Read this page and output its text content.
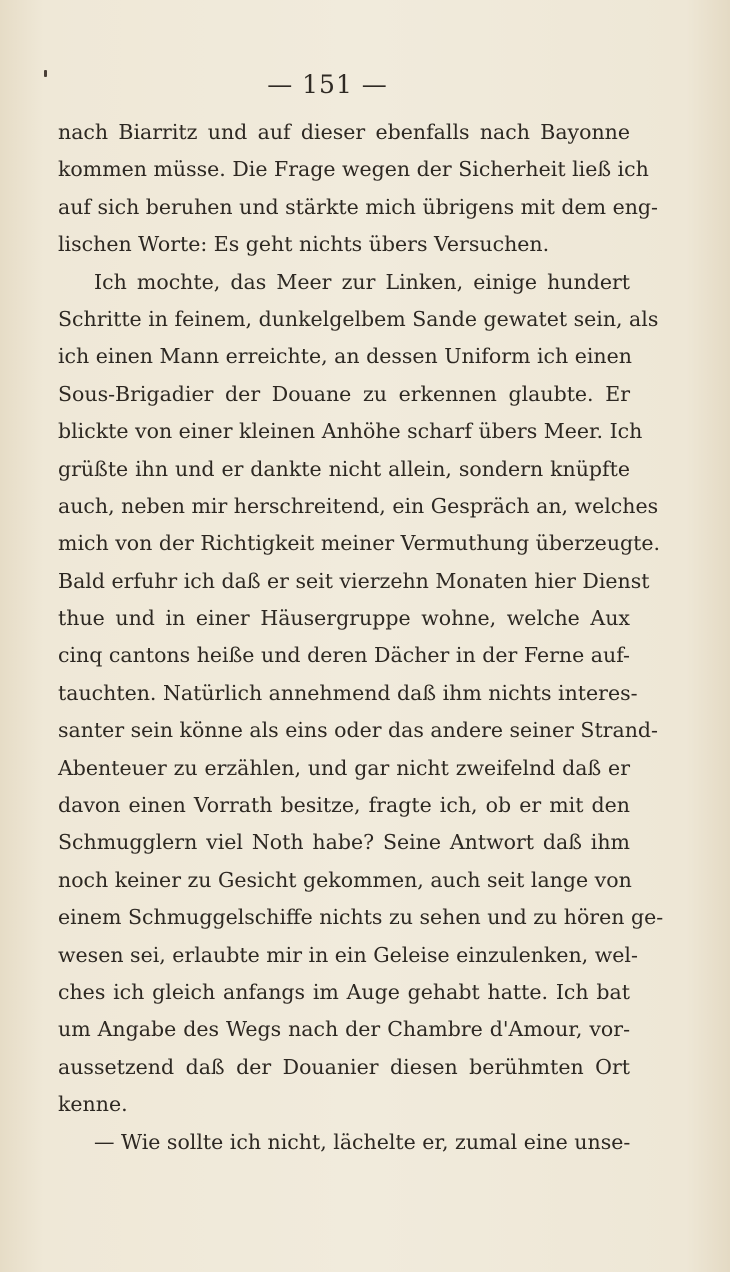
— 151 —
nach Biarritz und auf dieser ebenfalls nach Bayonne
kommen müsse. Die Frage wegen der Sicherheit ließ ich
auf sich beruhen und stärkte mich übrigens mit dem eng-
lischen Worte: Es geht nichts übers Versuchen.
Ich mochte, das Meer zur Linken, einige hundert
Schritte in feinem, dunkelgelbem Sande gewatet sein, als
ich einen Mann erreichte, an dessen Uniform ich einen
Sous-Brigadier der Douane zu erkennen glaubte. Er
blickte von einer kleinen Anhöhe scharf übers Meer. Ich
grüßte ihn und er dankte nicht allein, sondern knüpfte
auch, neben mir herschreitend, ein Gespräch an, welches
mich von der Richtigkeit meiner Vermuthung überzeugte.
Bald erfuhr ich daß er seit vierzehn Monaten hier Dienst
thue und in einer Häusergruppe wohne, welche Aux
cinq cantons heiße und deren Dächer in der Ferne auf-
tauchten. Natürlich annehmend daß ihm nichts interes-
santer sein könne als eins oder das andere seiner Strand-
Abenteuer zu erzählen, und gar nicht zweifelnd daß er
davon einen Vorrath besitze, fragte ich, ob er mit den
Schmugglern viel Noth habe? Seine Antwort daß ihm
noch keiner zu Gesicht gekommen, auch seit lange von
einem Schmuggelschiffe nichts zu sehen und zu hören ge-
wesen sei, erlaubte mir in ein Geleise einzulenken, wel-
ches ich gleich anfangs im Auge gehabt hatte. Ich bat
um Angabe des Wegs nach der Chambre d'Amour, vor-
aussetzend daß der Douanier diesen berühmten Ort
kenne.
— Wie sollte ich nicht, lächelte er, zumal eine unse-
